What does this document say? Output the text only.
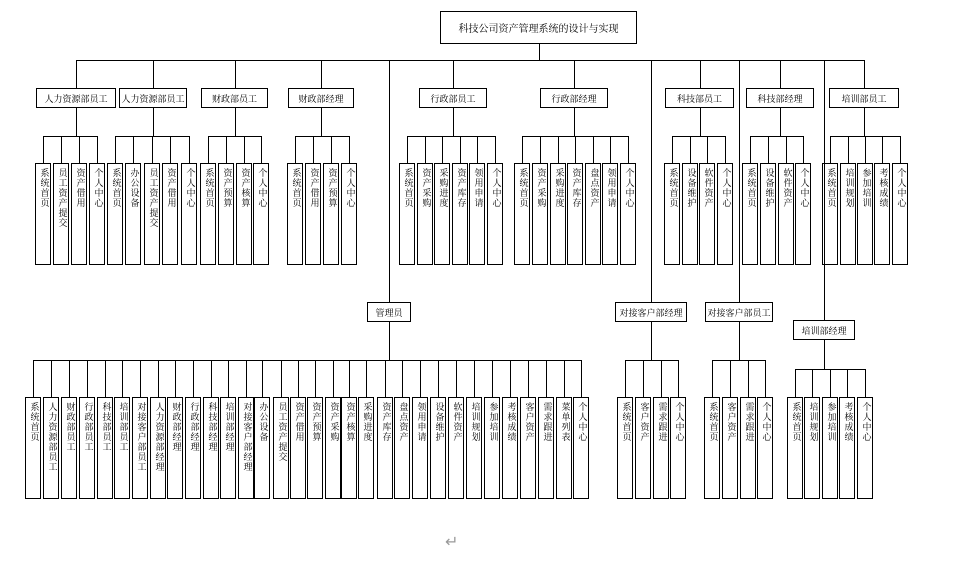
科技公司资产管理系统的设计与实现
人力资源部员工
系统首页 员工资产提交 资产借用 个人中心
人力资源部员工
系统首页 办公设备	员工资产提交 资产借用	个人中心
财政部员工
系统首页 资产预算 资产核算 个人中心
财政部经理
系统首页 资产借用 资产预算 个人中心
行政部员工
系统首页 资产采购 采购进度 资产库存 领用申请 个人中心
行政部经理
系统首页 资产采购 采购进度 资产库存 盘点资产 领用申请 个人中心
科技部员工
系统首页 设备维护 软件资产 个人中心
科技部经理
系统首页 设备维护 软件资产 个人中心
培训部员工
系统首页 培训规划 参加培训 考核成绩 个人中心
管理员
系统首页 人力资源部员工 财政部员工 行政部员工 科技部员工 培训部员工 对接客户部员工 人力资源部经理 财政部经理 行政部经理 科技部经理 培训部经理 对接客户部经理 办公设备	员工资产提交 资产借用 资产预算 资产采购 资产核算 采购进度	资产库存 盘点资产 领用申请 设备维护 软件资产 培训规划 参加培训 考核成绩 客户资产 需求跟进 菜单列表 个人中心
对接客户部经理
系统首页 客户资产 需求跟进 个人中心
对接客户部员工
系统首页 客户资产 需求跟进 个人中心
培训部经理
系统首页 培训规划 参加培训 考核成绩 个人中心
↵
